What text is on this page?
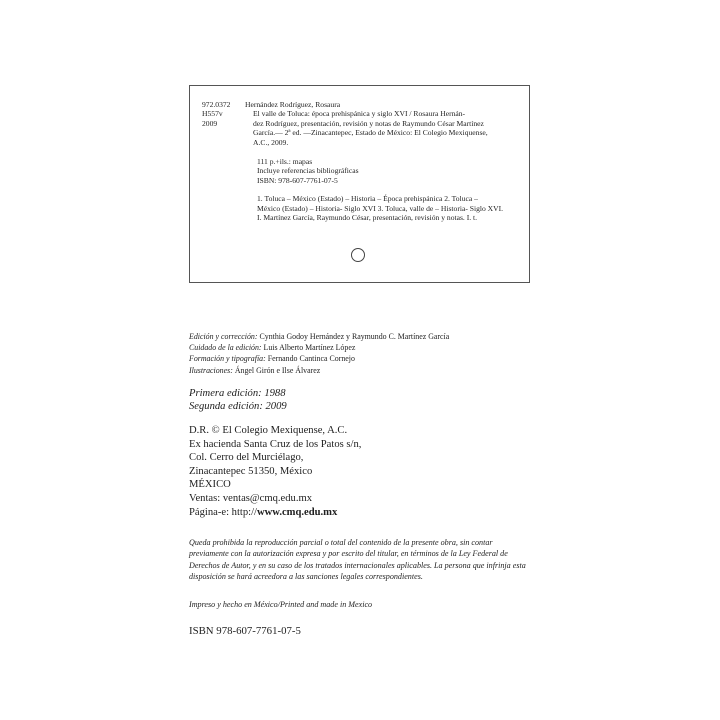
972.0372
H557v
2009
Hernández Rodríguez, Rosaura
El valle de Toluca: época prehispánica y siglo XVI / Rosaura Hernán-
dez Rodríguez, presentación, revisión y notas de Raymundo César Martínez
García.— 2ª ed. —Zinacantepec, Estado de México: El Colegio Mexiquense,
A.C., 2009.
111 p.+ils.: mapas
Incluye referencias bibliográficas
ISBN: 978-607-7761-07-5
1. Toluca – México (Estado) – Historia – Época prehispánica 2. Toluca –
México (Estado) – Historia- Siglo XVI 3. Toluca, valle de – Historia- Siglo XVI.
I. Martínez García, Raymundo César, presentación, revisión y notas. I. t.
Edición y corrección: Cynthia Godoy Hernández y Raymundo C. Martínez García
Cuidado de la edición: Luis Alberto Martínez López
Formación y tipografía: Fernando Cantinca Cornejo
Ilustraciones: Ángel Girón e Ilse Álvarez
Primera edición: 1988
Segunda edición: 2009
D.R. © El Colegio Mexiquense, A.C.
Ex hacienda Santa Cruz de los Patos s/n,
Col. Cerro del Murciélago,
Zinacantepec 51350, México
MÉXICO
Ventas: ventas@cmq.edu.mx
Página-e: http://www.cmq.edu.mx

Queda prohibida la reproducción parcial o total del contenido de la presente obra, sin contar previamente con la autorización expresa y por escrito del titular, en términos de la Ley Federal de Derechos de Autor, y en su caso de los tratados internacionales aplicables. La persona que infrinja esta disposición se hará acreedora a las sanciones legales correspondientes.

Impreso y hecho en México/Printed and made in Mexico
ISBN 978-607-7761-07-5
